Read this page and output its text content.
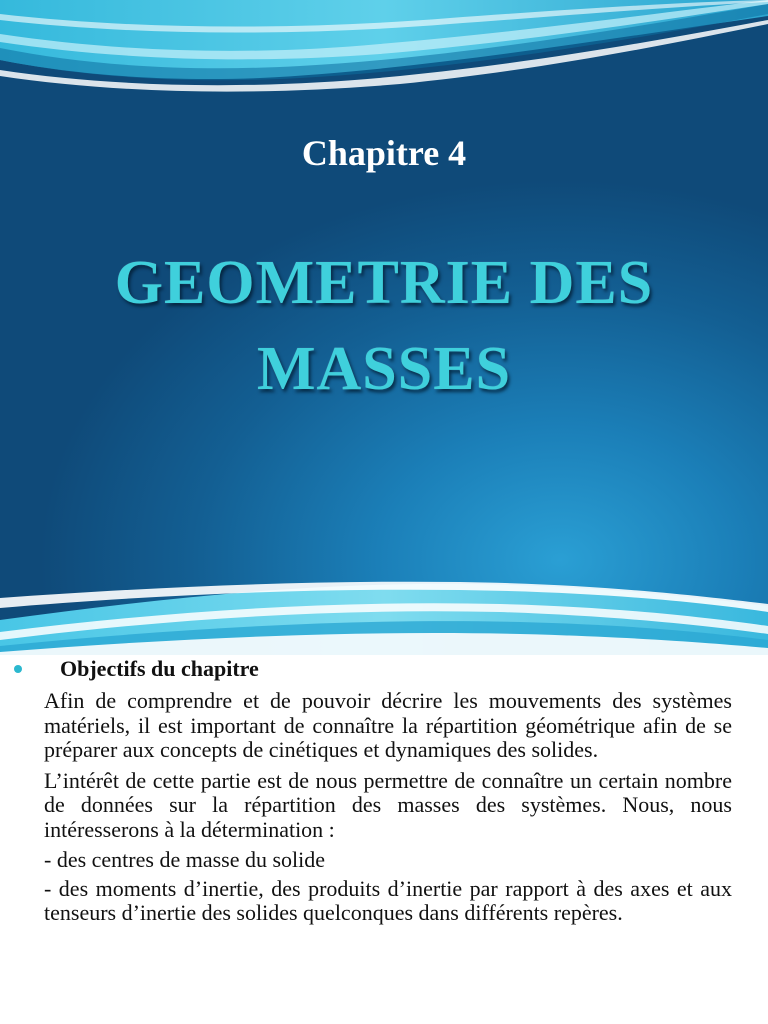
Chapitre 4
GEOMETRIE DES
MASSES
Objectifs du chapitre

Afin de comprendre et de pouvoir décrire les mouvements des systèmes matériels, il est important de connaître la répartition géométrique afin de se préparer aux concepts de cinétiques et dynamiques des solides.

L’intérêt de cette partie est de nous permettre de connaître un certain nombre de données sur la répartition des masses des systèmes. Nous, nous intéresserons à la détermination :

- des centres de masse du solide

- des moments d’inertie, des produits d’inertie par rapport à des axes et aux tenseurs d’inertie des solides quelconques dans différents repères.
